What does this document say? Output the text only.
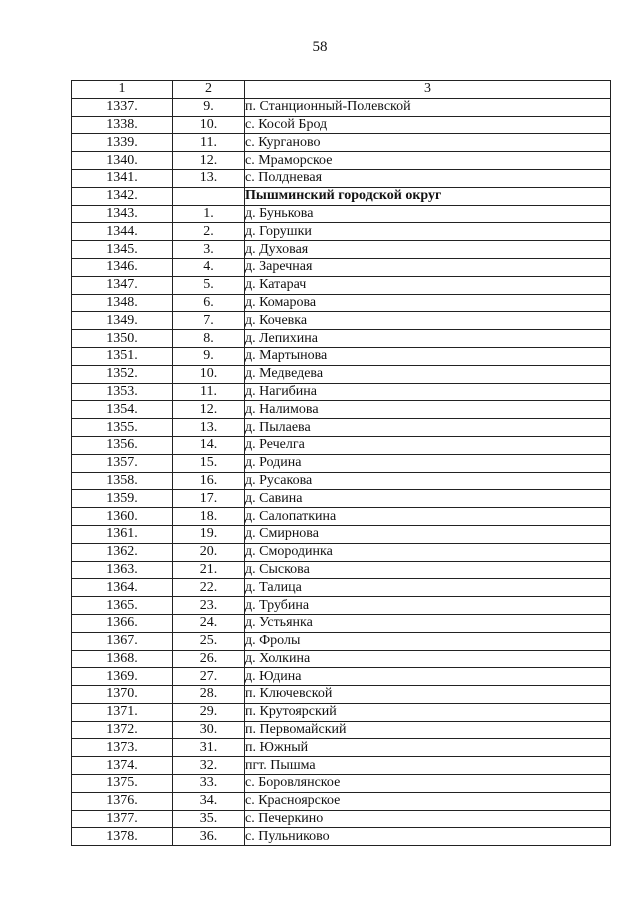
58
1	2	3
1337.	9.	п. Станционный-Полевской
1338.	10.	с. Косой Брод
1339.	11.	с. Курганово
1340.	12.	с. Мраморское
1341.	13.	с. Полдневая
1342.		Пышминский городской округ
1343.	1.	д. Бунькова
1344.	2.	д. Горушки
1345.	3.	д. Духовая
1346.	4.	д. Заречная
1347.	5.	д. Катарач
1348.	6.	д. Комарова
1349.	7.	д. Кочевка
1350.	8.	д. Лепихина
1351.	9.	д. Мартынова
1352.	10.	д. Медведева
1353.	11.	д. Нагибина
1354.	12.	д. Налимова
1355.	13.	д. Пылаева
1356.	14.	д. Речелга
1357.	15.	д. Родина
1358.	16.	д. Русакова
1359.	17.	д. Савина
1360.	18.	д. Салопаткина
1361.	19.	д. Смирнова
1362.	20.	д. Смородинка
1363.	21.	д. Сыскова
1364.	22.	д. Талица
1365.	23.	д. Трубина
1366.	24.	д. Устьянка
1367.	25.	д. Фролы
1368.	26.	д. Холкина
1369.	27.	д. Юдина
1370.	28.	п. Ключевской
1371.	29.	п. Крутоярский
1372.	30.	п. Первомайский
1373.	31.	п. Южный
1374.	32.	пгт. Пышма
1375.	33.	с. Боровлянское
1376.	34.	с. Красноярское
1377.	35.	с. Печеркино
1378.	36.	с. Пульниково
